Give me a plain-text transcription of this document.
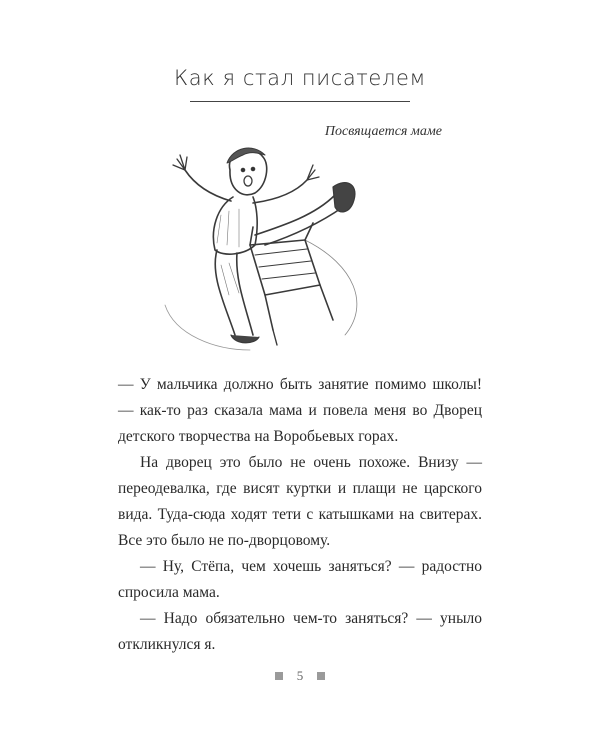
Как я стал писателем
Посвящается маме

— У мальчика должно быть занятие помимо школы! — как-то раз сказала мама и повела меня во Дворец детского творчества на Воробьевых горах.

На дворец это было не очень похоже. Внизу — переодевалка, где висят куртки и плащи не царского вида. Туда-сюда ходят тети с катышками на свитерах. Все это было не по-дворцовому.

— Ну, Стёпа, чем хочешь заняться? — радостно спросила мама.

— Надо обязательно чем-то заняться? — уныло откликнулся я.

5
